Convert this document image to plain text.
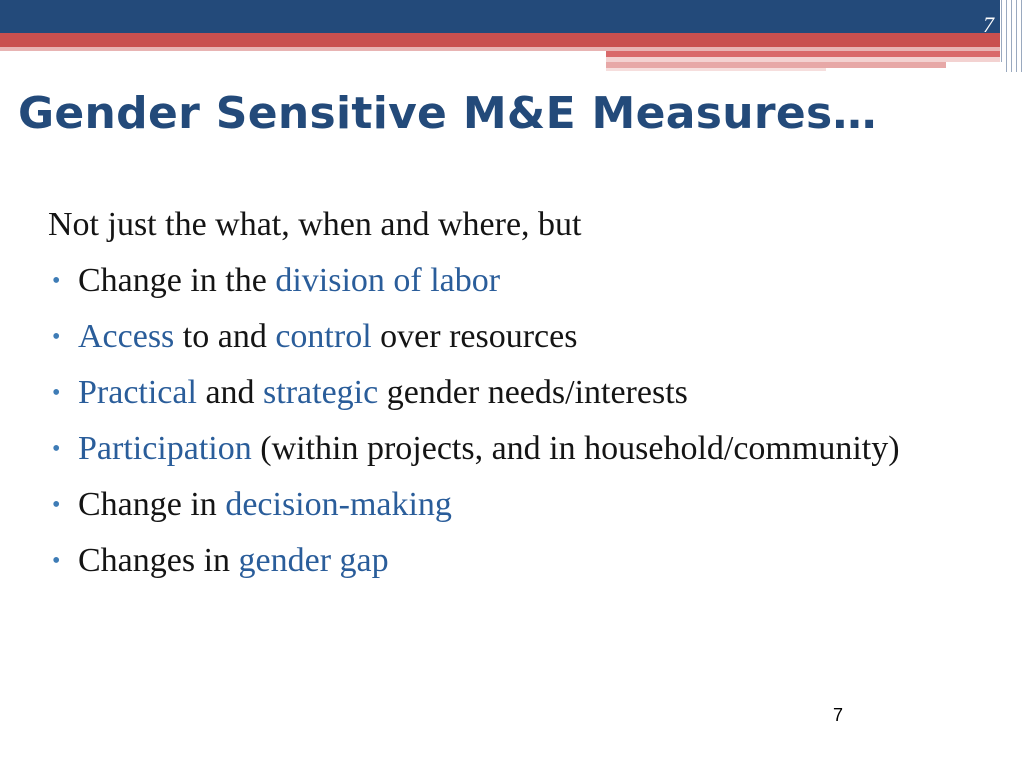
7
Gender Sensitive M&E Measures…

Not just the what, when and where, but

• Change in the division of labor
• Access to and control over resources
• Practical and strategic gender needs/interests
• Participation (within projects, and in household/community)
• Change in decision-making
• Changes in gender gap
7
